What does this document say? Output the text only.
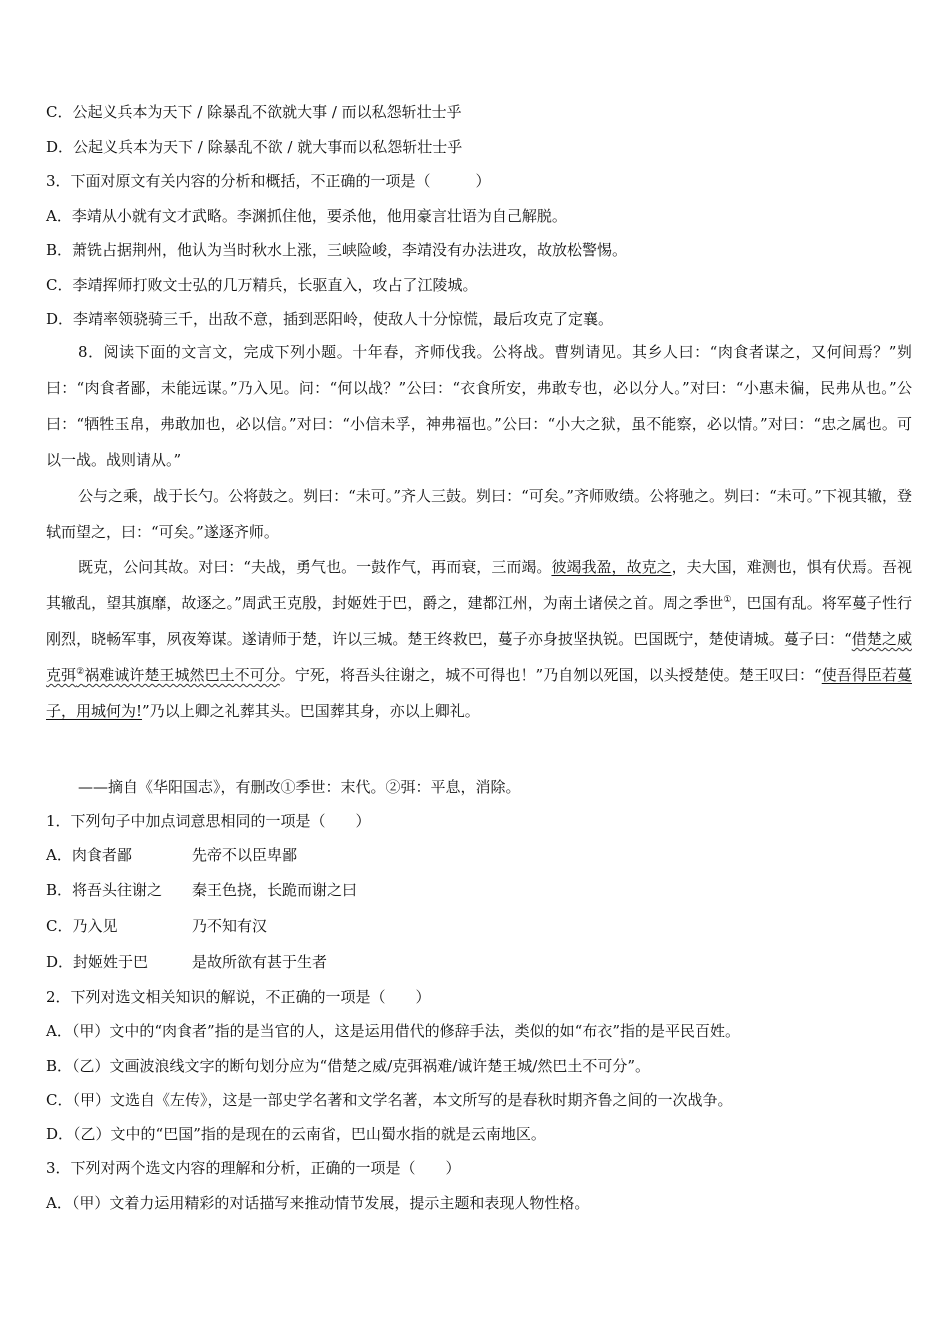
C．公起义兵本为天下 / 除暴乱不欲就大事 / 而以私怨斩壮士乎
D．公起义兵本为天下 / 除暴乱不欲 / 就大事而以私怨斩壮士乎
3．下面对原文有关内容的分析和概括，不正确的一项是（　　　）
A．李靖从小就有文才武略。李渊抓住他，要杀他，他用豪言壮语为自己解脱。
B．萧铣占据荆州，他认为当时秋水上涨，三峡险峻，李靖没有办法进攻，故放松警惕。
C．李靖挥师打败文士弘的几万精兵，长驱直入，攻占了江陵城。
D．李靖率领骁骑三千，出敌不意，插到恶阳岭，使敌人十分惊慌，最后攻克了定襄。
8．阅读下面的文言文，完成下列小题。十年春，齐师伐我。公将战。曹刿请见。其乡人曰：“肉食者谋之，又何间焉？”刿曰：“肉食者鄙，未能远谋。”乃入见。问：“何以战？”公曰：“衣食所安，弗敢专也，必以分人。”对曰：“小惠未徧，民弗从也。”公曰：“牺牲玉帛，弗敢加也，必以信。”对曰：“小信未孚，神弗福也。”公曰：“小大之狱，虽不能察，必以情。”对曰：“忠之属也。可以一战。战则请从。”
公与之乘，战于长勺。公将鼓之。刿曰：“未可。”齐人三鼓。刿曰：“可矣。”齐师败绩。公将驰之。刿曰：“未可。”下视其辙，登轼而望之，曰：“可矣。”遂逐齐师。
既克，公问其故。对曰：“夫战，勇气也。一鼓作气，再而衰，三而竭。彼竭我盈，故克之，夫大国，难测也，惧有伏焉。吾视其辙乱，望其旗靡，故逐之。”周武王克殷，封姬姓于巴，爵之，建都江州，为南土诸侯之首。周之季世①，巴国有乱。将军蔓子性行刚烈，晓畅军事，夙夜筹谋。遂请师于楚，许以三城。楚王终救巴，蔓子亦身披坚执锐。巴国既宁，楚使请城。蔓子曰：“借楚之威克弭②祸难诚许楚王城然巴土不可分。宁死，将吾头往谢之，城不可得也！”乃自刎以死国，以头授楚使。楚王叹曰：“使吾得臣若蔓子，用城何为!”乃以上卿之礼葬其头。巴国葬其身，亦以上卿礼。
——摘自《华阳国志》，有删改①季世：末代。②弭：平息，消除。
1．下列句子中加点词意思相同的一项是（　　）
A．肉食者鄙	先帝不以臣卑鄙
B．将吾头往谢之 秦王色挠，长跪而谢之曰
C．乃入见	乃不知有汉
D．封姬姓于巴	是故所欲有甚于生者
2．下列对选文相关知识的解说，不正确的一项是（　　）
A．（甲）文中的“肉食者”指的是当官的人，这是运用借代的修辞手法，类似的如“布衣”指的是平民百姓。
B．（乙）文画波浪线文字的断句划分应为“借楚之威/克弭祸难/诚许楚王城/然巴土不可分”。
C．（甲）文选自《左传》，这是一部史学名著和文学名著，本文所写的是春秋时期齐鲁之间的一次战争。
D．（乙）文中的“巴国”指的是现在的云南省，巴山蜀水指的就是云南地区。
3．下列对两个选文内容的理解和分析，正确的一项是（　　）
A．（甲）文着力运用精彩的对话描写来推动情节发展，提示主题和表现人物性格。
